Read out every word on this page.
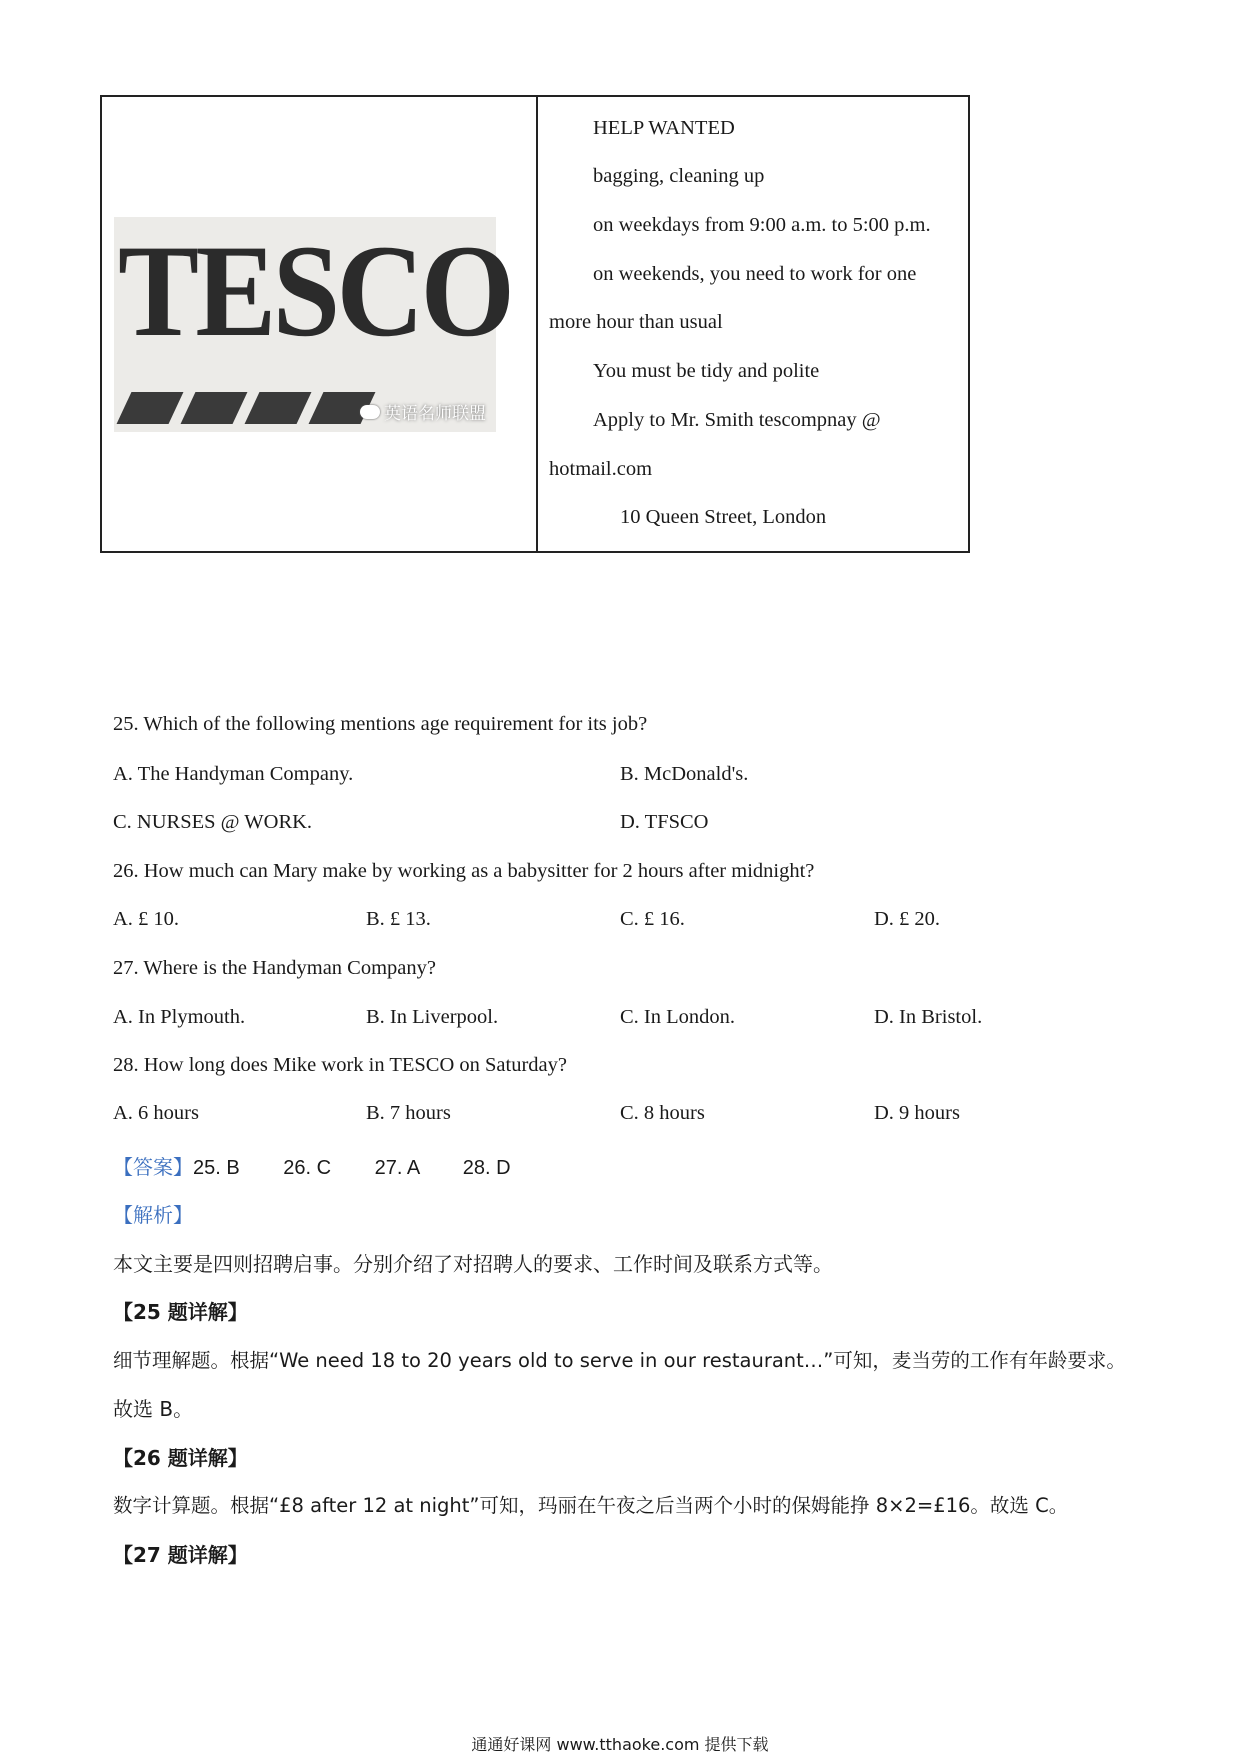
TESCO
英语名师联盟
HELP WANTED
bagging, cleaning up
on weekdays from 9:00 a.m. to 5:00 p.m.
on weekends, you need to work for one
more hour than usual
You must be tidy and polite
Apply to Mr. Smith tescompnay @
hotmail.com
10 Queen Street, London
25. Which of the following mentions age requirement for its job?
A. The Handyman Company.	B. McDonald's.
C. NURSES @ WORK.	D. TFSCO
26. How much can Mary make by working as a babysitter for 2 hours after midnight?
A. £ 10.	B. £ 13.	C. £ 16.	D. £ 20.
27. Where is the Handyman Company?
A. In Plymouth.	B. In Liverpool.	C. In London.	D. In Bristol.
28. How long does Mike work in TESCO on Saturday?
A. 6 hours	B. 7 hours	C. 8 hours	D. 9 hours
【答案】25. B 26. C 27. A 28. D
【解析】
本文主要是四则招聘启事。分别介绍了对招聘人的要求、工作时间及联系方式等。
【25 题详解】
细节理解题。根据“We need 18 to 20 years old to serve in our restaurant…”可知，麦当劳的工作有年龄要求。
故选 B。
【26 题详解】
数字计算题。根据“£8 after 12 at night”可知，玛丽在午夜之后当两个小时的保姆能挣 8×2=£16。故选 C。
【27 题详解】
通通好课网 www.tthaoke.com 提供下载
